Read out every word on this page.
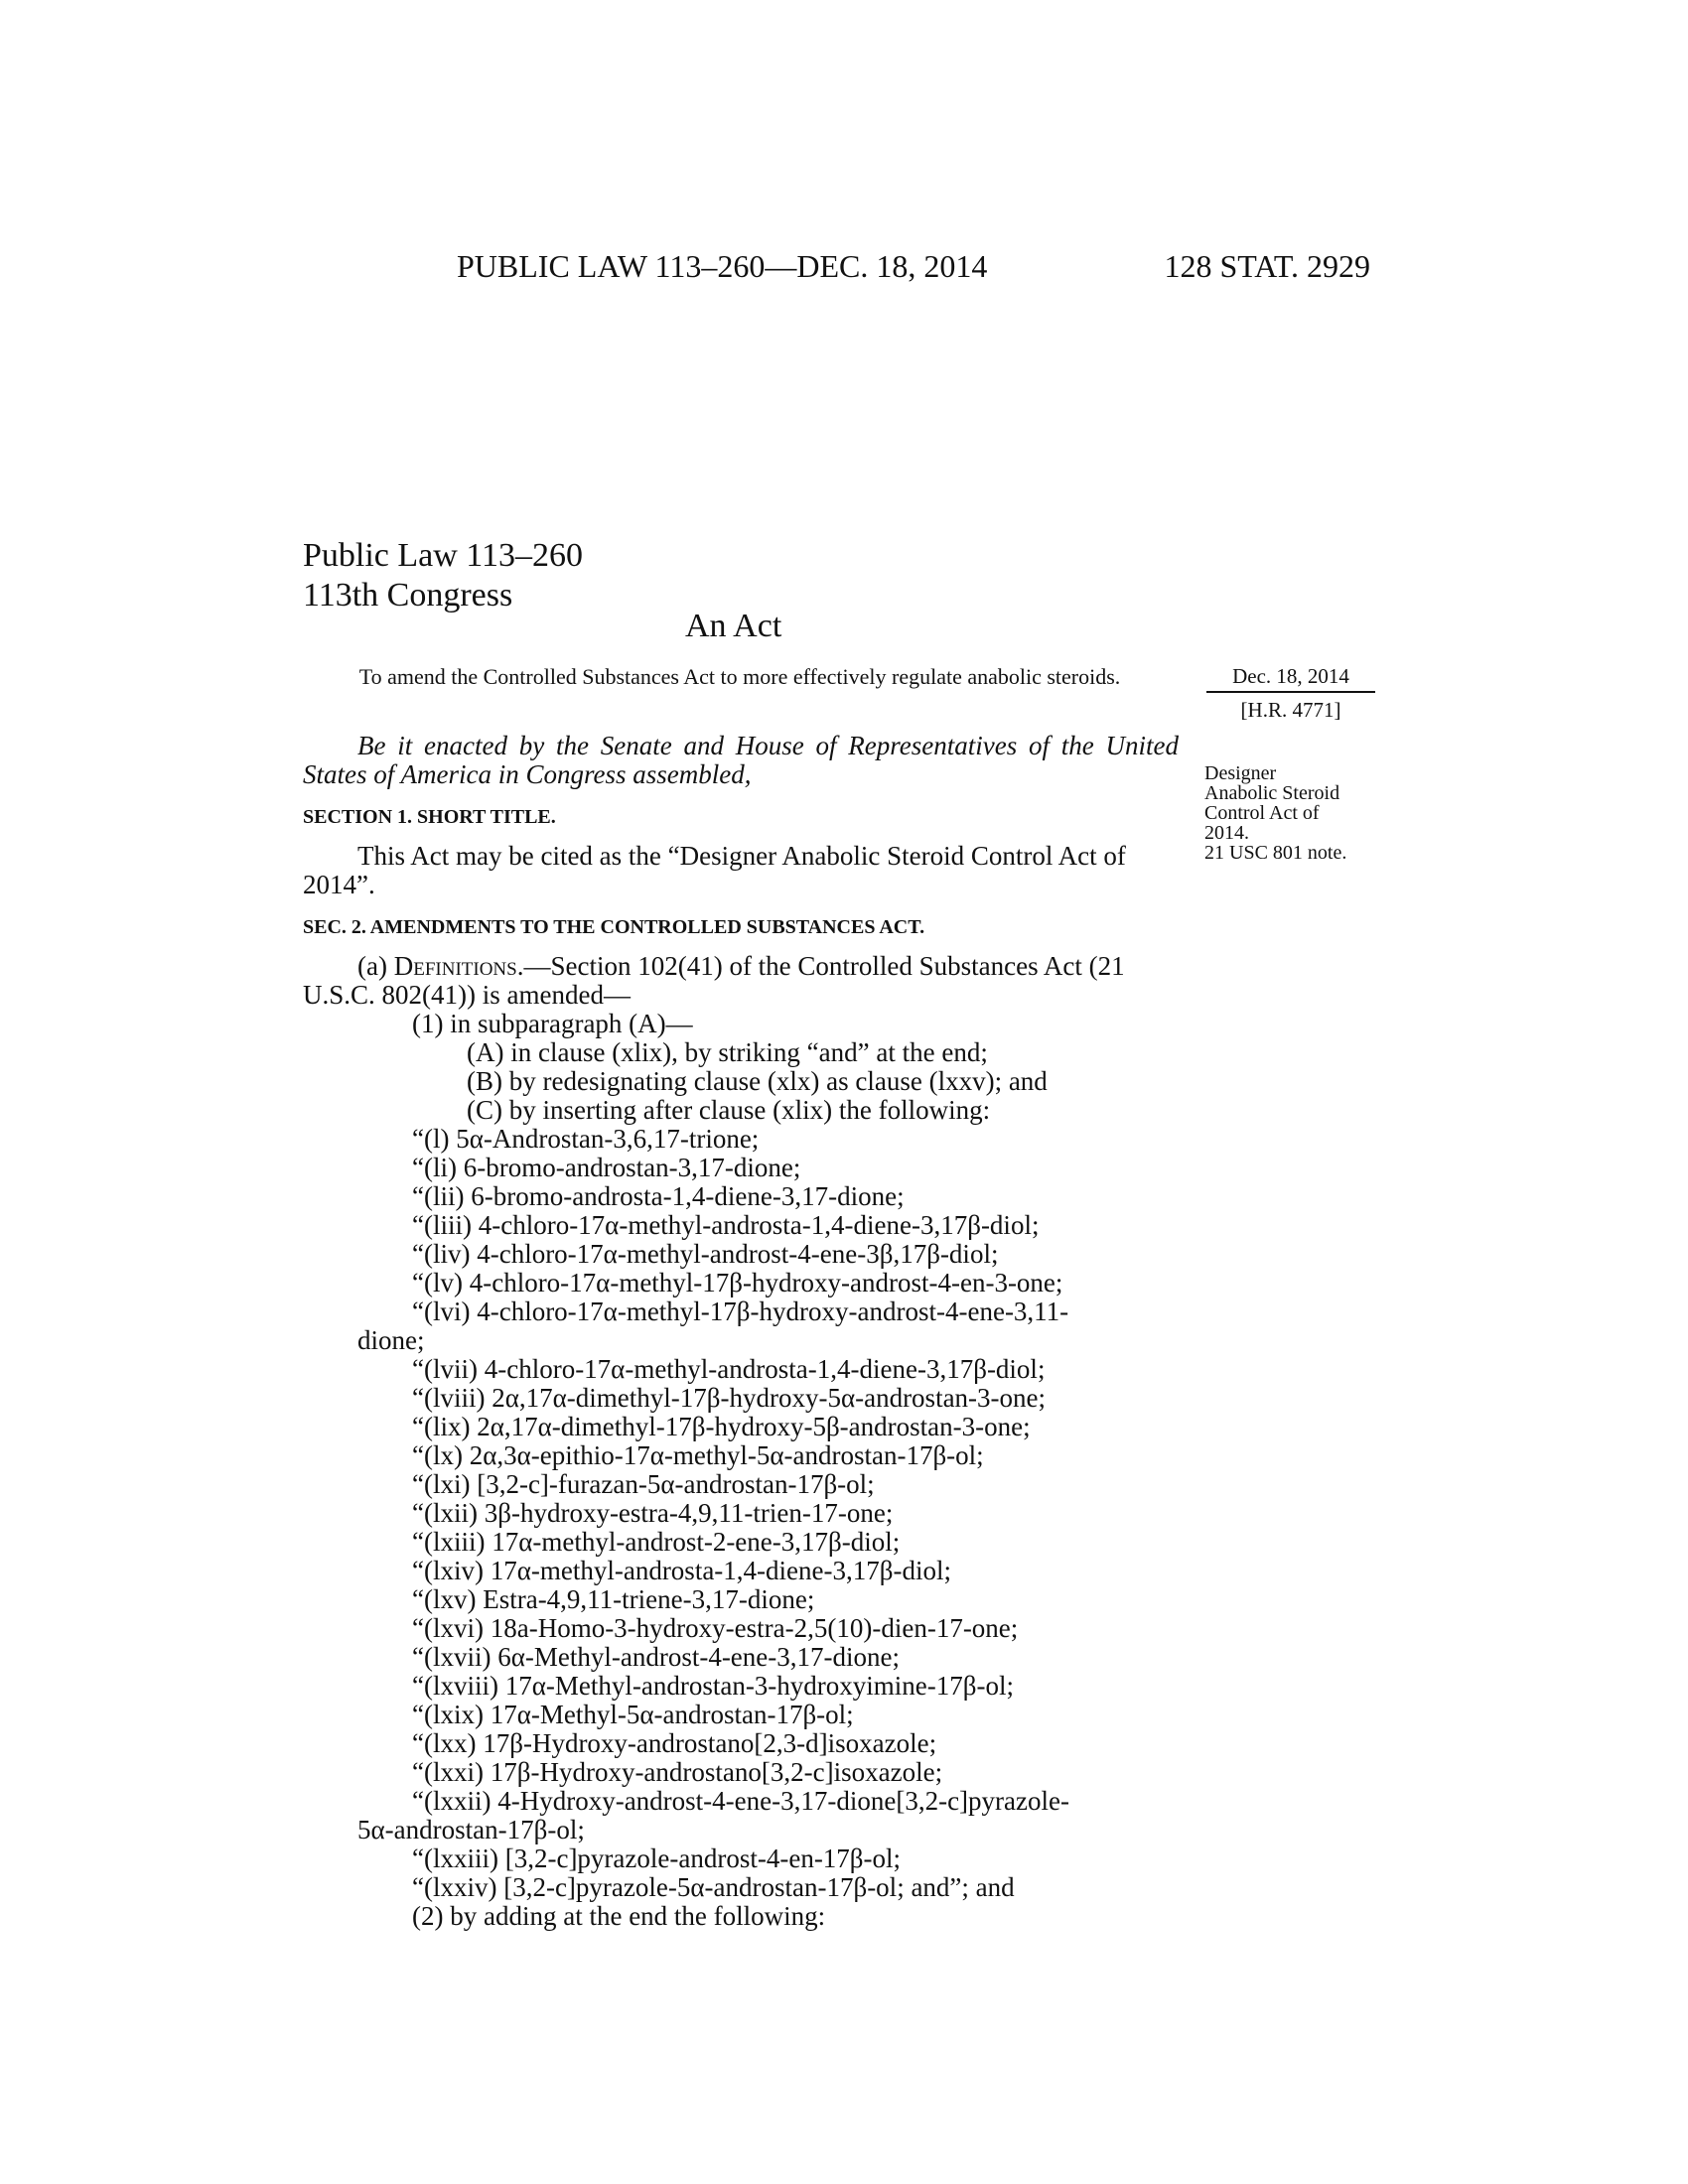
PUBLIC LAW 113–260—DEC. 18, 2014	128 STAT. 2929
Public Law 113–260
113th Congress
An Act
To amend the Controlled Substances Act to more effectively regulate anabolic steroids.	Dec. 18, 2014
[H.R. 4771]
Designer
Anabolic Steroid
Control Act of
2014.
21 USC 801 note.

Be it enacted by the Senate and House of Representatives of the United States of America in Congress assembled,

SECTION 1. SHORT TITLE.

This Act may be cited as the “Designer Anabolic Steroid Control Act of 2014”.

SEC. 2. AMENDMENTS TO THE CONTROLLED SUBSTANCES ACT.

(a) Definitions.—Section 102(41) of the Controlled Substances Act (21 U.S.C. 802(41)) is amended—

(1) in subparagraph (A)—

(A) in clause (xlix), by striking “and” at the end;

(B) by redesignating clause (xlx) as clause (lxxv); and

(C) by inserting after clause (xlix) the following:

“(l) 5α-Androstan-3,6,17-trione;

“(li) 6-bromo-androstan-3,17-dione;

“(lii) 6-bromo-androsta-1,4-diene-3,17-dione;

“(liii) 4-chloro-17α-methyl-androsta-1,4-diene-3,17β-diol;

“(liv) 4-chloro-17α-methyl-androst-4-ene-3β,17β-diol;

“(lv) 4-chloro-17α-methyl-17β-hydroxy-androst-4-en-3-one;

“(lvi) 4-chloro-17α-methyl-17β-hydroxy-androst-4-ene-3,11-

dione;

“(lvii) 4-chloro-17α-methyl-androsta-1,4-diene-3,17β-diol;

“(lviii) 2α,17α-dimethyl-17β-hydroxy-5α-androstan-3-one;

“(lix) 2α,17α-dimethyl-17β-hydroxy-5β-androstan-3-one;

“(lx) 2α,3α-epithio-17α-methyl-5α-androstan-17β-ol;

“(lxi) [3,2-c]-furazan-5α-androstan-17β-ol;

“(lxii) 3β-hydroxy-estra-4,9,11-trien-17-one;

“(lxiii) 17α-methyl-androst-2-ene-3,17β-diol;

“(lxiv) 17α-methyl-androsta-1,4-diene-3,17β-diol;

“(lxv) Estra-4,9,11-triene-3,17-dione;

“(lxvi) 18a-Homo-3-hydroxy-estra-2,5(10)-dien-17-one;

“(lxvii) 6α-Methyl-androst-4-ene-3,17-dione;

“(lxviii) 17α-Methyl-androstan-3-hydroxyimine-17β-ol;

“(lxix) 17α-Methyl-5α-androstan-17β-ol;

“(lxx) 17β-Hydroxy-androstano[2,3-d]isoxazole;

“(lxxi) 17β-Hydroxy-androstano[3,2-c]isoxazole;

“(lxxii) 4-Hydroxy-androst-4-ene-3,17-dione[3,2-c]pyrazole-

5α-androstan-17β-ol;

“(lxxiii) [3,2-c]pyrazole-androst-4-en-17β-ol;

“(lxxiv) [3,2-c]pyrazole-5α-androstan-17β-ol; and”; and

(2) by adding at the end the following:
